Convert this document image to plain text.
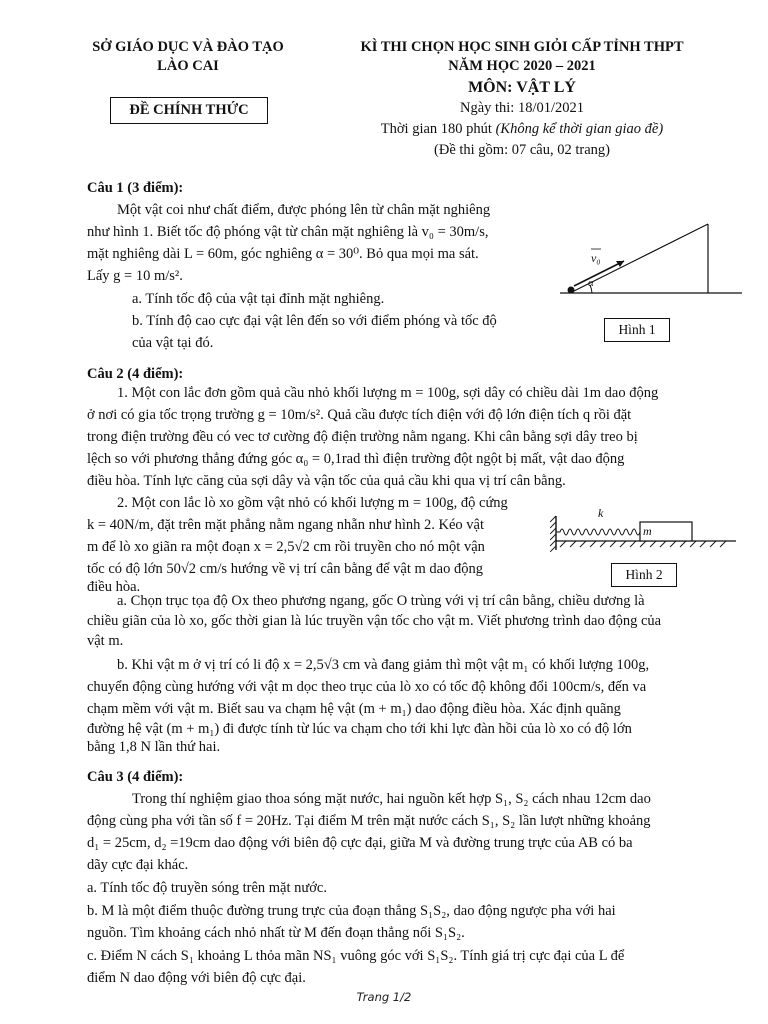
SỞ GIÁO DỤC VÀ ĐÀO TẠO
LÀO CAI
ĐỀ CHÍNH THỨC
KÌ THI CHỌN HỌC SINH GIỎI CẤP TỈNH THPT
NĂM HỌC 2020 – 2021
MÔN: VẬT LÝ
Ngày thi: 18/01/2021
Thời gian 180 phút (Không kể thời gian giao đề)
(Đề thi gồm: 07 câu, 02 trang)
Câu 1 (3 điểm):
Một vật coi như chất điểm, được phóng lên từ chân mặt nghiêng
như hình 1. Biết tốc độ phóng vật từ chân mặt nghiêng là v₀ = 30m/s,
mặt nghiêng dài L = 60m, góc nghiêng α = 30⁰. Bỏ qua mọi ma sát.
Lấy g = 10 m/s².
a. Tính tốc độ của vật tại đỉnh mặt nghiêng.
b. Tính độ cao cực đại vật lên đến so với điểm phóng và tốc độ
của vật tại đó.
v₀
α
Hình 1
Câu 2 (4 điểm):
1. Một con lắc đơn gồm quả cầu nhỏ khối lượng m = 100g, sợi dây có chiều dài 1m dao động
ở nơi có gia tốc trọng trường g = 10m/s². Quả cầu được tích điện với độ lớn điện tích q rồi đặt
trong điện trường đều có vec tơ cường độ điện trường nằm ngang. Khi cân bằng sợi dây treo bị
lệch so với phương thẳng đứng góc α₀ = 0,1rad thì điện trường đột ngột bị mất, vật dao động
điều hòa. Tính lực căng của sợi dây và vận tốc của quả cầu khi qua vị trí cân bằng.
2. Một con lắc lò xo gồm vật nhỏ có khối lượng m = 100g, độ cứng
k = 40N/m, đặt trên mặt phẳng nằm ngang nhẵn như hình 2. Kéo vật
m để lò xo giãn ra một đoạn x = 2,5√2 cm rồi truyền cho nó một vận
tốc có độ lớn 50√2 cm/s hướng về vị trí cân bằng để vật m dao động
điều hòa.
k
m
Hình 2
a. Chọn trục tọa độ Ox theo phương ngang, gốc O trùng với vị trí cân bằng, chiều dương là
chiều giãn của lò xo, gốc thời gian là lúc truyền vận tốc cho vật m. Viết phương trình dao động của
vật m.
b. Khi vật m ở vị trí có li độ x = 2,5√3 cm và đang giảm thì một vật m₁ có khối lượng 100g,
chuyển động cùng hướng với vật m dọc theo trục của lò xo có tốc độ không đổi 100cm/s, đến va
chạm mềm với vật m. Biết sau va chạm hệ vật (m + m₁) dao động điều hòa. Xác định quãng
đường hệ vật (m + m₁) đi được tính từ lúc va chạm cho tới khi lực đàn hồi của lò xo có độ lớn
bằng 1,8 N lần thứ hai.
Câu 3 (4 điểm):
Trong thí nghiệm giao thoa sóng mặt nước, hai nguồn kết hợp S₁, S₂ cách nhau 12cm dao
động cùng pha với tần số f = 20Hz. Tại điểm M trên mặt nước cách S₁, S₂ lần lượt những khoảng
d₁ = 25cm, d₂ =19cm dao động với biên độ cực đại, giữa M và đường trung trực của AB có ba
dãy cực đại khác.
a. Tính tốc độ truyền sóng trên mặt nước.
b. M là một điểm thuộc đường trung trực của đoạn thẳng S₁S₂, dao động ngược pha với hai
nguồn. Tìm khoảng cách nhỏ nhất từ M đến đoạn thẳng nối S₁S₂.
c. Điểm N cách S₁ khoảng L thỏa mãn NS₁ vuông góc với S₁S₂. Tính giá trị cực đại của L để
điểm N dao động với biên độ cực đại.
Trang 1/2
